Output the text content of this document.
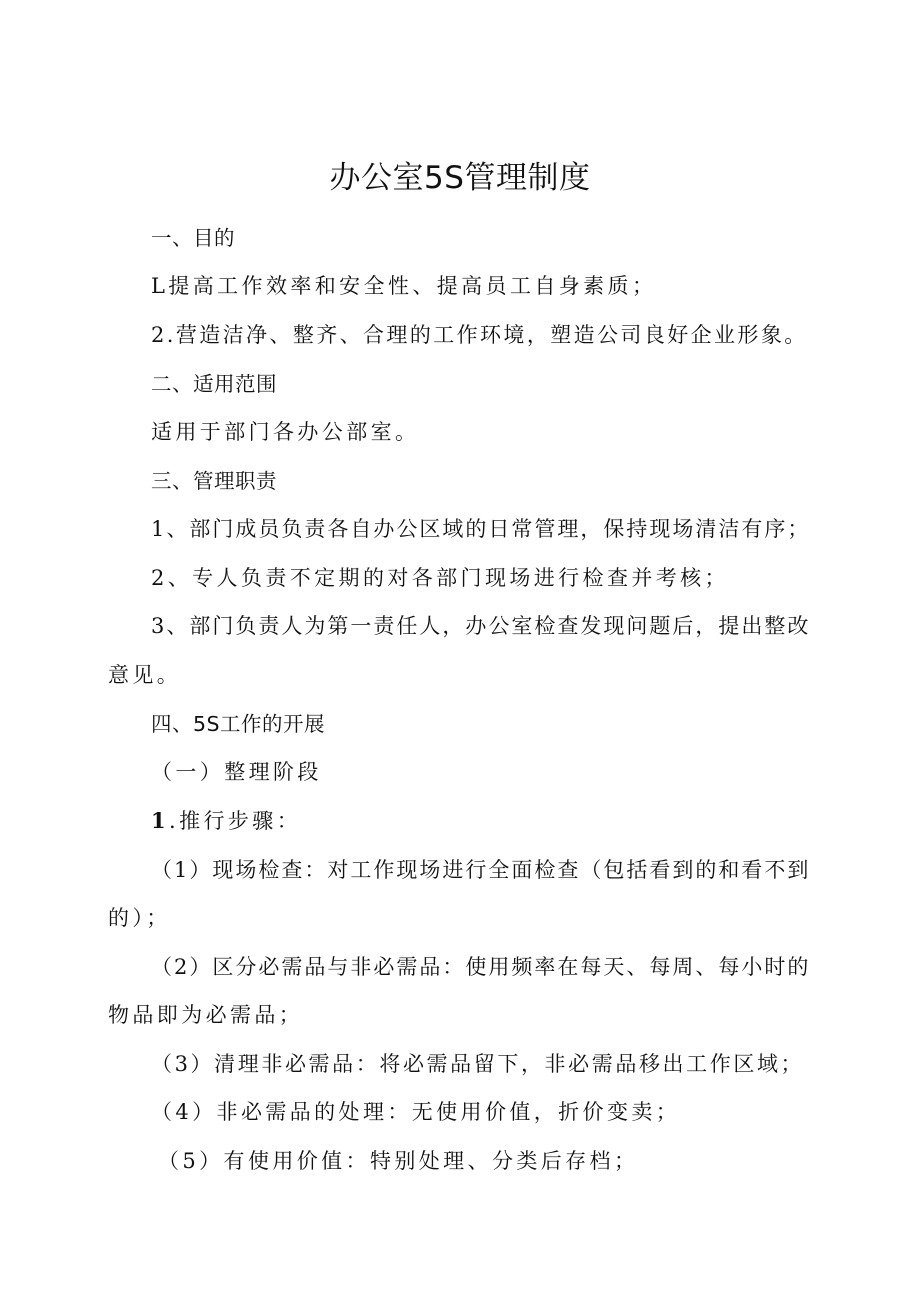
办公室5S管理制度
一、目的
L提高工作效率和安全性、提高员工自身素质；
2.营造洁净、整齐、合理的工作环境，塑造公司良好企业形象。
二、适用范围
适用于部门各办公部室。
三、管理职责
1、部门成员负责各自办公区域的日常管理，保持现场清洁有序；
2、专人负责不定期的对各部门现场进行检查并考核；
3、部门负责人为第一责任人，办公室检查发现问题后，提出整改
意见。
四、5S工作的开展
（一）整理阶段
1.推行步骤：
（1）现场检查：对工作现场进行全面检查（包括看到的和看不到
的）；
（2）区分必需品与非必需品：使用频率在每天、每周、每小时的
物品即为必需品；
（3）清理非必需品：将必需品留下，非必需品移出工作区域；
（4）非必需品的处理：无使用价值，折价变卖；
（5）有使用价值：特别处理、分类后存档；
